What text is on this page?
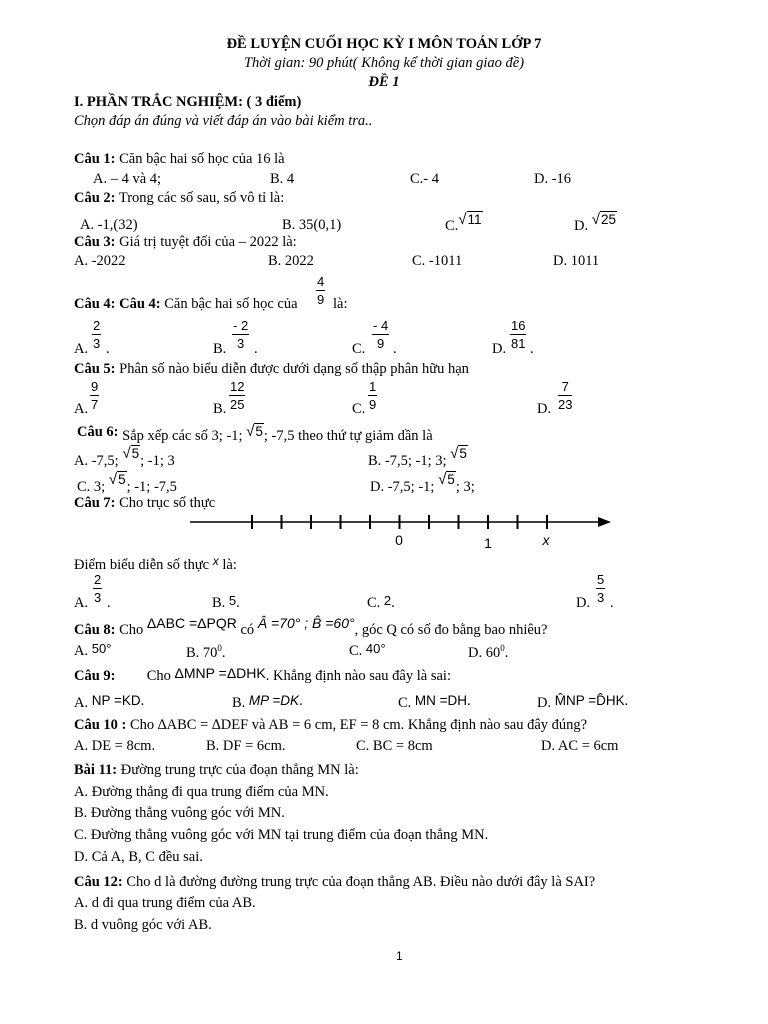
ĐỀ LUYỆN CUỐI HỌC KỲ I MÔN TOÁN LỚP 7
Thời gian: 90 phút( Không kể thời gian giao đề)
ĐỀ 1
I. PHẦN TRẮC NGHIỆM: ( 3 điểm)
Chọn đáp án đúng và viết đáp án vào bài kiểm tra..
Câu 1: Căn bậc hai số học của 16 là
A. – 4 và 4;	B. 4	C.- 4	D. -16
Câu 2: Trong các số sau, số vô tỉ là:
A. -1,(32)	B. 35(0,1)	C.√11	D. √25
Câu 3: Giá trị tuyệt đối của – 2022 là:
A. -2022	B. 2022	C. -1011	D. 1011
Câu 4: Câu 4: Căn bậc hai số học của $\frac{4}{9}$ là:
A. $\frac{2}{3}$ .	B. $\frac{- 2}{3}$ .	C. $\frac{- 4}{9}$ .	D. $\frac{16}{81}$ .
Câu 5: Phân số nào biểu diễn được dưới dạng số thập phân hữu hạn
A. $\frac{9}{7}$	B. $\frac{12}{25}$	C. $\frac{1}{9}$	D. $\frac{7}{23}$
Câu 6: Sắp xếp các số 3; -1; √5; -7,5 theo thứ tự giảm dần là
A. -7,5; √5; -1; 3	B. -7,5; -1; 3; √5
C. 3; √5; -1; -7,5	D. -7,5; -1; √5; 3;
Câu 7: Cho trục số thực
0	1	x
Điểm biểu diễn số thực x là:
A. $\frac{2}{3}$ .	B. 5.	C. 2.	D. $\frac{5}{3}$ .
Câu 8: Cho ΔABC =ΔPQR có Â =70° ; B̂ =60°, góc Q có số đo bằng bao nhiêu?
A. 50°	B. $70^0$.	C. 40°	D. $60^0$.
Câu 9: Cho ΔMNP =ΔDHK. Khẳng định nào sau đây là sai:
A. NP =KD.	B. MP =DK.	C. MN =DH.	D. M̂NP =D̂HK.
Câu 10 : Cho ∆ABC = ∆DEF và AB = 6 cm, EF = 8 cm. Khẳng định nào sau đây đúng?
A. DE = 8cm.	B. DF = 6cm.	C. BC = 8cm	D. AC = 6cm
Bài 11: Đường trung trực của đoạn thẳng MN là:
A. Đường thẳng đi qua trung điểm của MN.
B. Đường thẳng vuông góc với MN.
C. Đường thẳng vuông góc với MN tại trung điểm của đoạn thẳng MN.
D. Cả A, B, C đều sai.
Câu 12: Cho d là đường đường trung trực của đoạn thẳng AB. Điều nào dưới đây là SAI?
A. d đi qua trung điểm của AB.
B. d vuông góc với AB.
1
